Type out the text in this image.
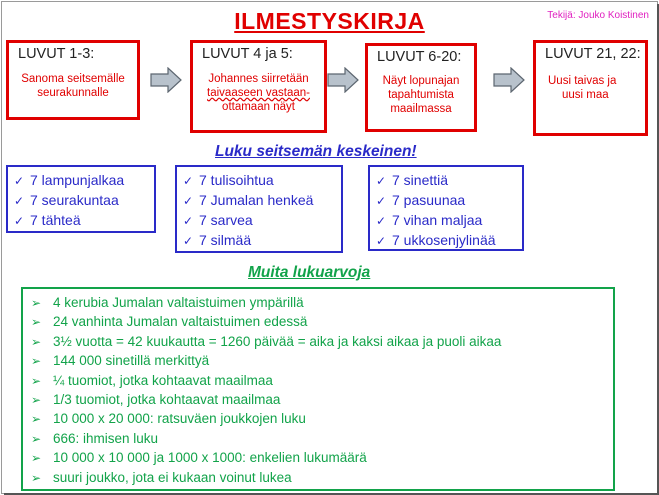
ILMESTYSKIRJA	Tekijä: Jouko Koistinen
LUVUT 1-3:
Sanoma seitsemälle
seurakunnalle
LUVUT 4 ja 5:
Johannes siirretään
taivaaseen vastaan-
ottamaan näyt
LUVUT 6-20:
Näyt lopunajan
tapahtumista
maailmassa
LUVUT 21, 22:
Uusi taivas ja
uusi maa
Luku seitsemän keskeinen!
✓ 7 lampunjalkaa
✓ 7 seurakuntaa
✓ 7 tähteä
✓ 7 tulisoihtua
✓ 7 Jumalan henkeä
✓ 7 sarvea
✓ 7 silmää
✓ 7 sinettiä
✓ 7 pasuunaa
✓ 7 vihan maljaa
✓ 7 ukkosenjylinää
Muita lukuarvoja
➢ 4 kerubia Jumalan valtaistuimen ympärillä
➢ 24 vanhinta Jumalan valtaistuimen edessä
➢ 3½ vuotta = 42 kuukautta = 1260 päivää = aika ja kaksi aikaa ja puoli aikaa
➢ 144 000 sinetillä merkittyä
➢ ¼ tuomiot, jotka kohtaavat maailmaa
➢ 1/3 tuomiot, jotka kohtaavat maailmaa
➢ 10 000 x 20 000: ratsuväen joukkojen luku
➢ 666: ihmisen luku
➢ 10 000 x 10 000 ja 1000 x 1000: enkelien lukumäärä
➢ suuri joukko, jota ei kukaan voinut lukea
